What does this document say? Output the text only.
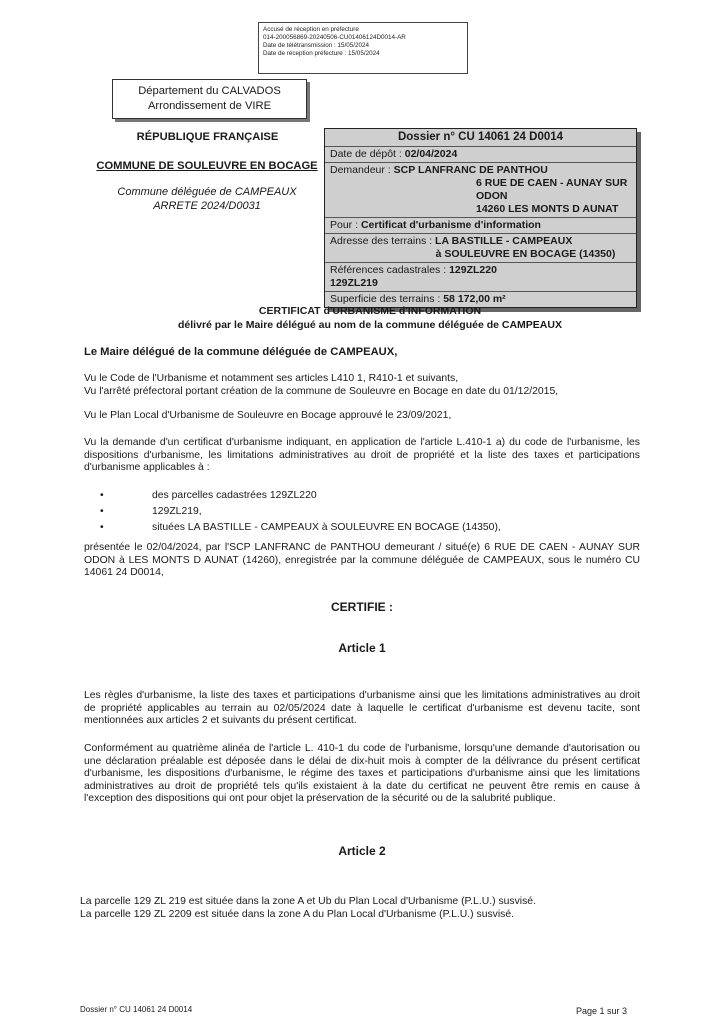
Accusé de réception en préfecture
014-200056869-20240506-CU01406124D0014-AR
Date de télétransmission : 15/05/2024
Date de réception préfecture : 15/05/2024
Département du CALVADOS
Arrondissement de VIRE
RÉPUBLIQUE FRANÇAISE
COMMUNE DE SOULEUVRE EN BOCAGE
Commune déléguée de CAMPEAUX
ARRETE 2024/D0031
Dossier n° CU 14061 24 D0014
Date de dépôt : 02/04/2024
Demandeur : SCP LANFRANC DE PANTHOU
6 RUE DE CAEN - AUNAY SUR ODON
14260 LES MONTS D AUNAT
Pour : Certificat d'urbanisme d'information
Adresse des terrains : LA BASTILLE - CAMPEAUX
à SOULEUVRE EN BOCAGE (14350)
Références cadastrales : 129ZL220
129ZL219
Superficie des terrains : 58 172,00 m²
CERTIFICAT d'URBANISME d'INFORMATION
délivré par le Maire délégué au nom de la commune déléguée de CAMPEAUX
Le Maire délégué de la commune déléguée de CAMPEAUX,
Vu le Code de l'Urbanisme et notamment ses articles L410 1, R410-1 et suivants,
Vu l'arrêté préfectoral portant création de la commune de Souleuvre en Bocage en date du 01/12/2015,
Vu le Plan Local d'Urbanisme de Souleuvre en Bocage approuvé le 23/09/2021,
Vu la demande d'un certificat d'urbanisme indiquant, en application de l'article L.410-1 a) du code de l'urbanisme, les dispositions d'urbanisme, les limitations administratives au droit de propriété et la liste des taxes et participations d'urbanisme applicables à :
•	des parcelles cadastrées 129ZL220
•	129ZL219,
•	situées LA BASTILLE - CAMPEAUX à SOULEUVRE EN BOCAGE (14350),
présentée le 02/04/2024, par l'SCP LANFRANC de PANTHOU demeurant / situé(e) 6 RUE DE CAEN - AUNAY SUR ODON à LES MONTS D AUNAT (14260), enregistrée par la commune déléguée de CAMPEAUX, sous le numéro CU 14061 24 D0014,
CERTIFIE :
Article 1
Les règles d'urbanisme, la liste des taxes et participations d'urbanisme ainsi que les limitations administratives au droit de propriété applicables au terrain au 02/05/2024 date à laquelle le certificat d'urbanisme est devenu tacite, sont mentionnées aux articles 2 et suivants du présent certificat.
Conformément au quatrième alinéa de l'article L. 410-1 du code de l'urbanisme, lorsqu'une demande d'autorisation ou une déclaration préalable est déposée dans le délai de dix-huit mois à compter de la délivrance du présent certificat d'urbanisme, les dispositions d'urbanisme, le régime des taxes et participations d'urbanisme ainsi que les limitations administratives au droit de propriété tels qu'ils existaient à la date du certificat ne peuvent être remis en cause à l'exception des dispositions qui ont pour objet la préservation de la sécurité ou de la salubrité publique.
Article 2
La parcelle 129 ZL 219 est située dans la zone A et Ub du Plan Local d'Urbanisme (P.L.U.) susvisé.
La parcelle 129 ZL 2209 est située dans la zone A du Plan Local d'Urbanisme (P.L.U.) susvisé.
Dossier n° CU 14061 24 D0014	Page 1 sur 3
